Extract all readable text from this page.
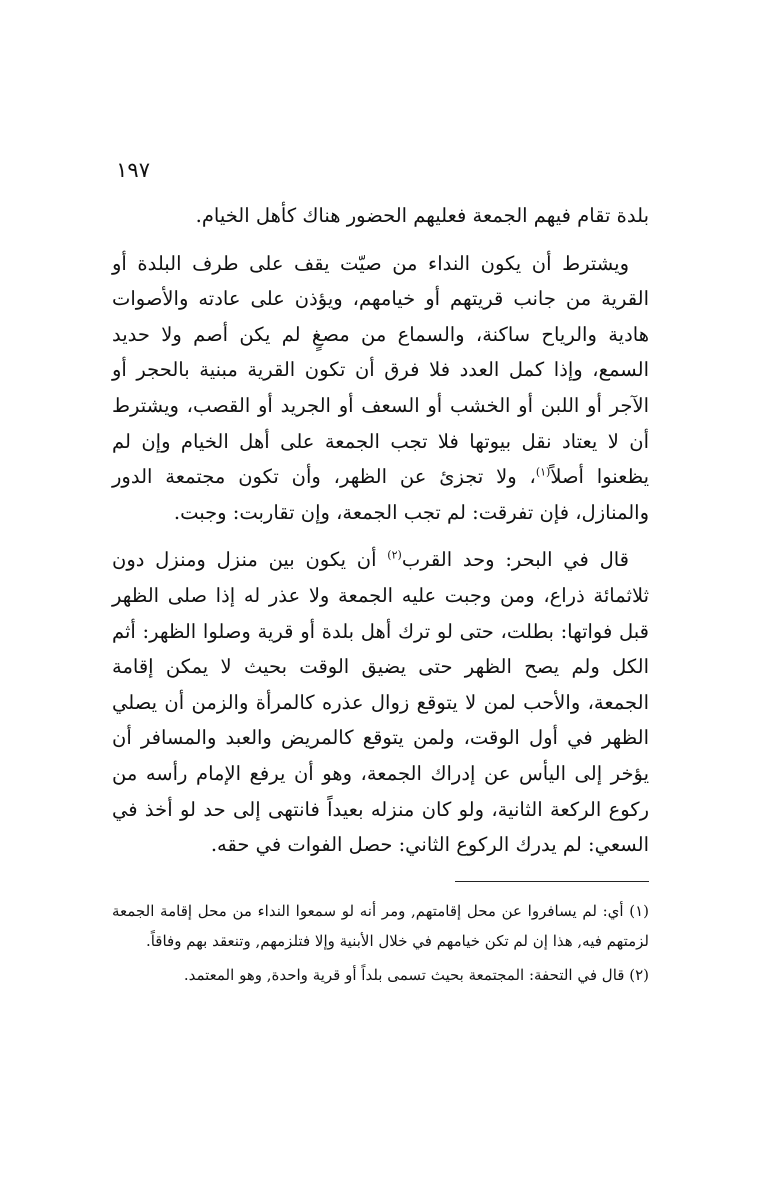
١٩٧

بلدة تقام فيهم الجمعة فعليهم الحضور هناك كأهل الخيام.

ويشترط أن يكون النداء من صيّت يقف على طرف البلدة أو القرية من جانب قريتهم أو خيامهم، ويؤذن على عادته والأصوات هادية والرياح ساكنة، والسماع من مصغٍ لم يكن أصم ولا حديد السمع، وإذا كمل العدد فلا فرق أن تكون القرية مبنية بالحجر أو الآجر أو اللبن أو الخشب أو السعف أو الجريد أو القصب، ويشترط أن لا يعتاد نقل بيوتها فلا تجب الجمعة على أهل الخيام وإن لم يظعنوا أصلاً$^{(١)}$، ولا تجزئ عن الظهر، وأن تكون مجتمعة الدور والمنازل، فإن تفرقت: لم تجب الجمعة، وإن تقاربت: وجبت.

قال في البحر: وحد القرب$^{(٢)}$ أن يكون بين منزل ومنزل دون ثلاثمائة ذراع، ومن وجبت عليه الجمعة ولا عذر له إذا صلى الظهر قبل فواتها: بطلت، حتى لو ترك أهل بلدة أو قرية وصلوا الظهر: أثم الكل ولم يصح الظهر حتى يضيق الوقت بحيث لا يمكن إقامة الجمعة، والأحب لمن لا يتوقع زوال عذره كالمرأة والزمن أن يصلي الظهر في أول الوقت، ولمن يتوقع كالمريض والعبد والمسافر أن يؤخر إلى اليأس عن إدراك الجمعة، وهو أن يرفع الإمام رأسه من ركوع الركعة الثانية، ولو كان منزله بعيداً فانتهى إلى حد لو أخذ في السعي: لم يدرك الركوع الثاني: حصل الفوات في حقه.

(١) أي: لم يسافروا عن محل إقامتهم, ومر أنه لو سمعوا النداء من محل إقامة الجمعة لزمتهم فيه, هذا إن لم تكن خيامهم في خلال الأبنية وإلا فتلزمهم, وتنعقد بهم وفاقاً.

(٢) قال في التحفة: المجتمعة بحيث تسمى بلداً أو قرية واحدة, وهو المعتمد.
